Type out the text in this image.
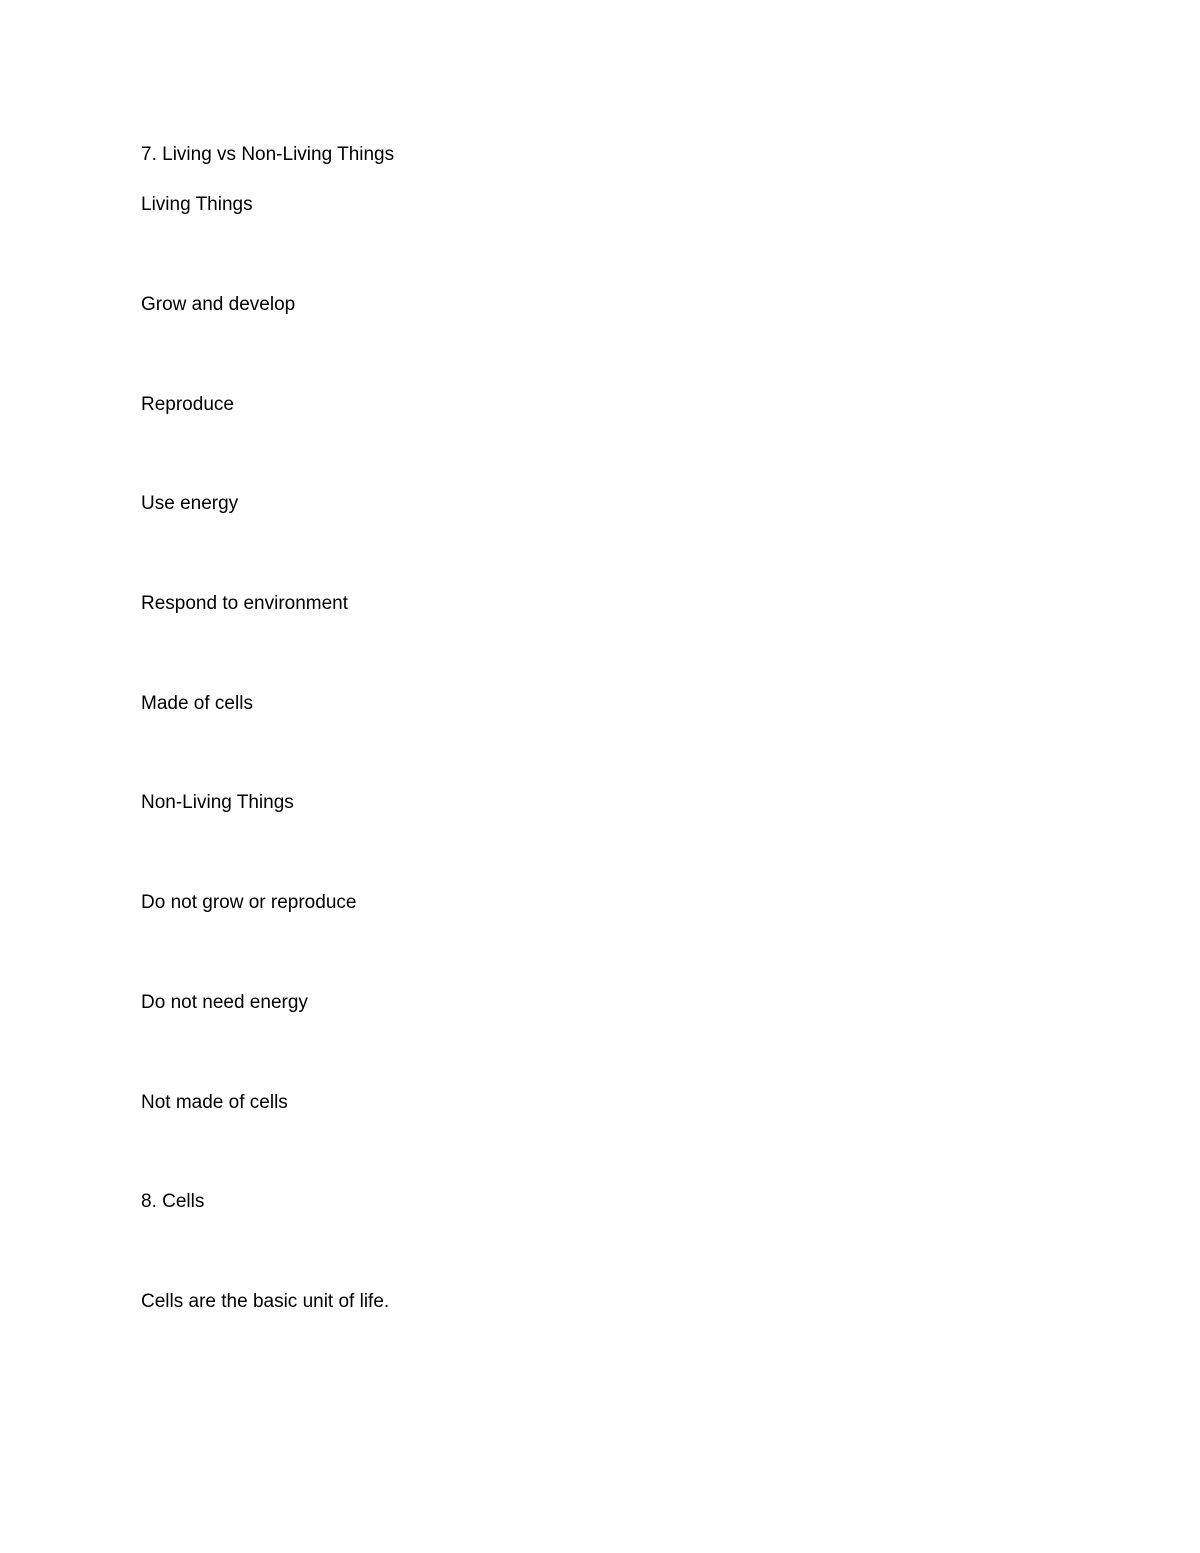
7. Living vs Non-Living Things
Living Things

Grow and develop

Reproduce

Use energy

Respond to environment

Made of cells

Non-Living Things

Do not grow or reproduce

Do not need energy

Not made of cells

8. Cells

Cells are the basic unit of life.
